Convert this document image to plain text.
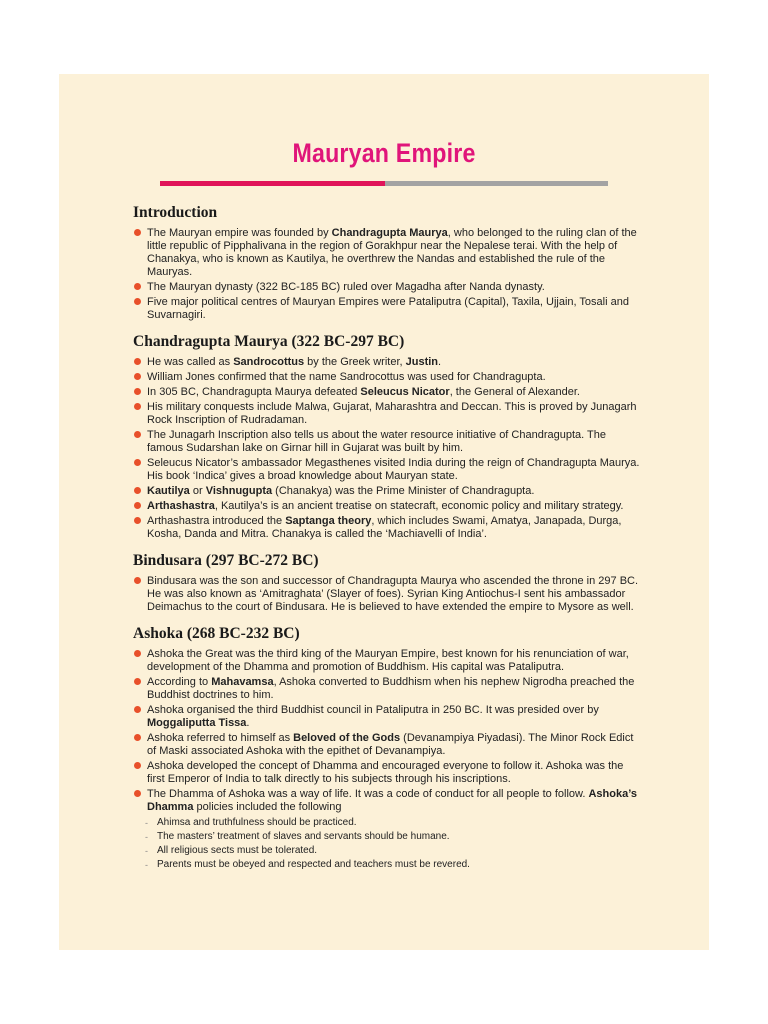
Mauryan Empire
Introduction
The Mauryan empire was founded by Chandragupta Maurya, who belonged to the ruling clan of the little republic of Pipphalivana in the region of Gorakhpur near the Nepalese terai. With the help of Chanakya, who is known as Kautilya, he overthrew the Nandas and established the rule of the Mauryas.
The Mauryan dynasty (322 BC-185 BC) ruled over Magadha after Nanda dynasty.
Five major political centres of Mauryan Empires were Pataliputra (Capital), Taxila, Ujjain, Tosali and Suvarnagiri.
Chandragupta Maurya (322 BC-297 BC)
He was called as Sandrocottus by the Greek writer, Justin.
William Jones confirmed that the name Sandrocottus was used for Chandragupta.
In 305 BC, Chandragupta Maurya defeated Seleucus Nicator, the General of Alexander.
His military conquests include Malwa, Gujarat, Maharashtra and Deccan. This is proved by Junagarh Rock Inscription of Rudradaman.
The Junagarh Inscription also tells us about the water resource initiative of Chandragupta. The famous Sudarshan lake on Girnar hill in Gujarat was built by him.
Seleucus Nicator’s ambassador Megasthenes visited India during the reign of Chandragupta Maurya. His book ‘Indica’ gives a broad knowledge about Mauryan state.
Kautilya or Vishnugupta (Chanakya) was the Prime Minister of Chandragupta.
Arthashastra, Kautilya’s is an ancient treatise on statecraft, economic policy and military strategy.
Arthashastra introduced the Saptanga theory, which includes Swami, Amatya, Janapada, Durga, Kosha, Danda and Mitra. Chanakya is called the ‘Machiavelli of India’.
Bindusara (297 BC-272 BC)
Bindusara was the son and successor of Chandragupta Maurya who ascended the throne in 297 BC. He was also known as ‘Amitraghata’ (Slayer of foes). Syrian King Antiochus-I sent his ambassador Deimachus to the court of Bindusara. He is believed to have extended the empire to Mysore as well.
Ashoka (268 BC-232 BC)
Ashoka the Great was the third king of the Mauryan Empire, best known for his renunciation of war, development of the Dhamma and promotion of Buddhism. His capital was Pataliputra.
According to Mahavamsa, Ashoka converted to Buddhism when his nephew Nigrodha preached the Buddhist doctrines to him.
Ashoka organised the third Buddhist council in Pataliputra in 250 BC. It was presided over by Moggaliputta Tissa.
Ashoka referred to himself as Beloved of the Gods (Devanampiya Piyadasi). The Minor Rock Edict of Maski associated Ashoka with the epithet of Devanampiya.
Ashoka developed the concept of Dhamma and encouraged everyone to follow it. Ashoka was the first Emperor of India to talk directly to his subjects through his inscriptions.
The Dhamma of Ashoka was a way of life. It was a code of conduct for all people to follow. Ashoka’s Dhamma policies included the following
- Ahimsa and truthfulness should be practiced.
- The masters’ treatment of slaves and servants should be humane.
- All religious sects must be tolerated.
- Parents must be obeyed and respected and teachers must be revered.
